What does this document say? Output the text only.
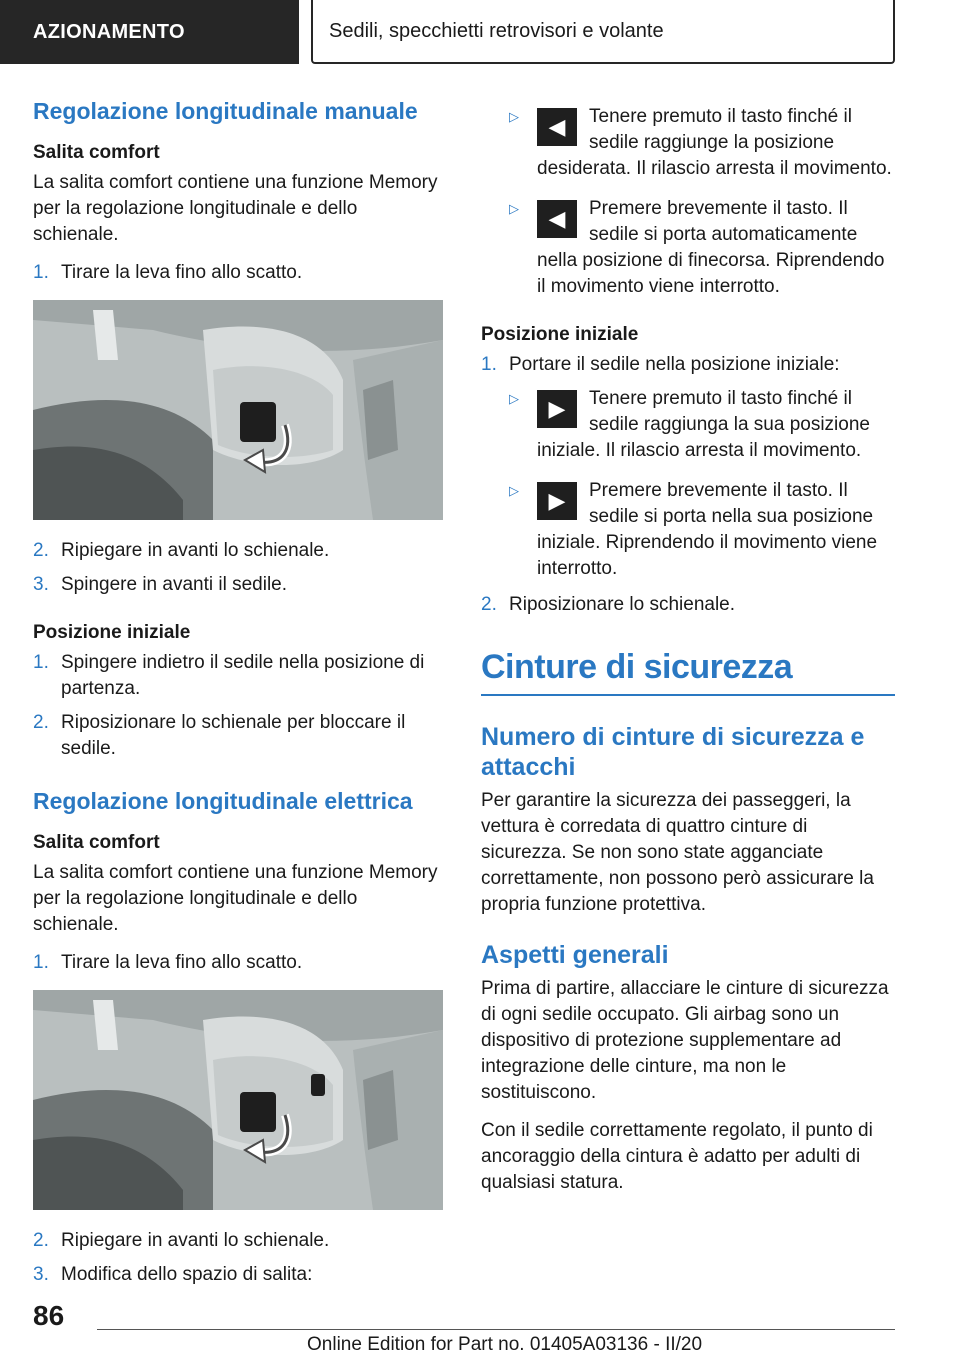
AZIONAMENTO	Sedili, specchietti retrovisori e volante
Regolazione longitudinale manuale
Salita comfort

La salita comfort contiene una funzione Memory per la regolazione longitudinale e dello schienale.

1. Tirare la leva fino allo scatto.
2. Ripiegare in avanti lo schienale.
3. Spingere in avanti il sedile.
Posizione iniziale
1. Spingere indietro il sedile nella posizione di partenza.
2. Riposizionare lo schienale per bloccare il sedile.
Regolazione longitudinale elettrica
Salita comfort

La salita comfort contiene una funzione Memory per la regolazione longitudinale e dello schienale.

1. Tirare la leva fino allo scatto.
2. Ripiegare in avanti lo schienale.
3. Modifica dello spazio di salita:
▷ ◀ Tenere premuto il tasto finché il sedile raggiunge la posizione desiderata. Il rilascio arresta il movimento.
▷ ◀ Premere brevemente il tasto. Il sedile si porta automaticamente nella posizione di finecorsa. Riprendendo il movimento viene interrotto.
Posizione iniziale
1. Portare il sedile nella posizione iniziale:
▷ ▶ Tenere premuto il tasto finché il sedile raggiunga la sua posizione iniziale. Il rilascio arresta il movimento.
▷ ▶ Premere brevemente il tasto. Il sedile si porta nella sua posizione iniziale. Riprendendo il movimento viene interrotto.
2. Riposizionare lo schienale.
Cinture di sicurezza
Numero di cinture di sicurezza e attacchi

Per garantire la sicurezza dei passeggeri, la vettura è corredata di quattro cinture di sicurezza. Se non sono state agganciate correttamente, non possono però assicurare la propria funzione protettiva.

Aspetti generali

Prima di partire, allacciare le cinture di sicurezza di ogni sedile occupato. Gli airbag sono un dispositivo di protezione supplementare ad integrazione delle cinture, ma non le sostituiscono.

Con il sedile correttamente regolato, il punto di ancoraggio della cintura è adatto per adulti di qualsiasi statura.

86
Online Edition for Part no. 01405A03136 - II/20
